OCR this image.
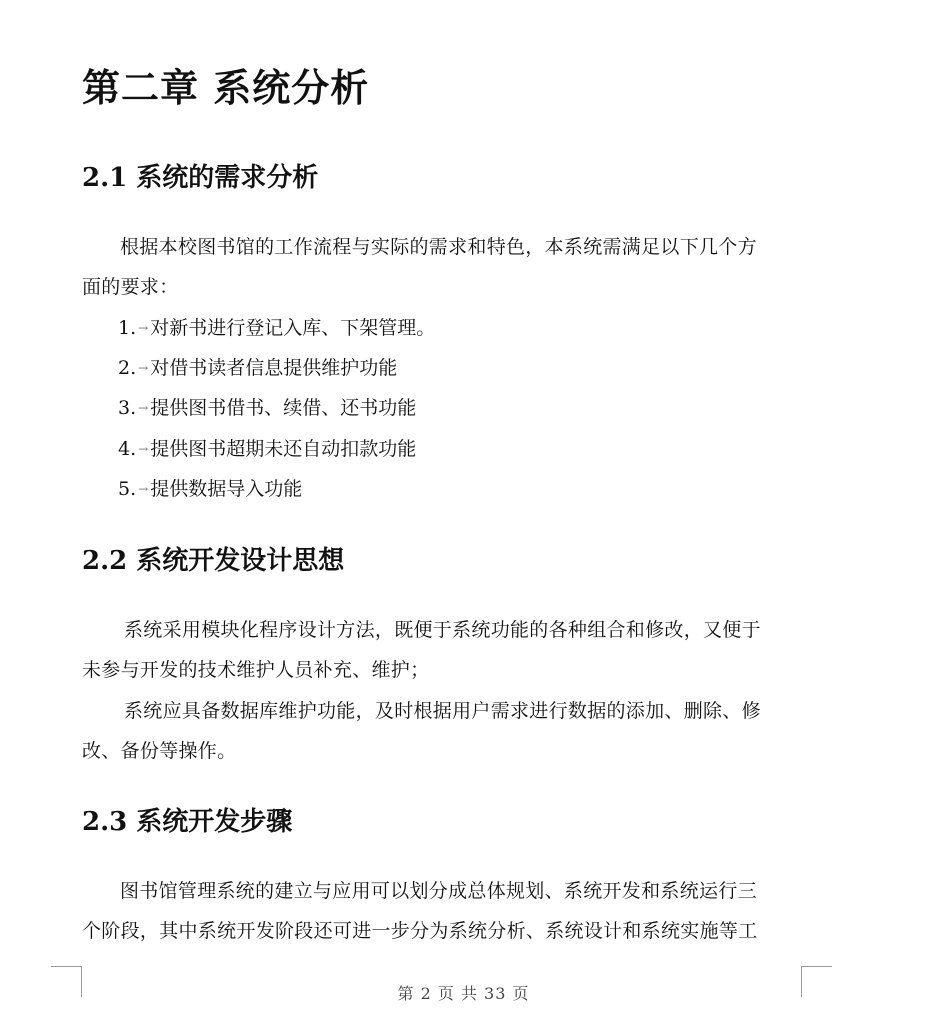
第二章 系统分析
2.1 系统的需求分析
根据本校图书馆的工作流程与实际的需求和特色，本系统需满足以下几个方
面的要求：
1. → 对新书进行登记入库、下架管理。
2. → 对借书读者信息提供维护功能
3. → 提供图书借书、续借、还书功能
4. → 提供图书超期未还自动扣款功能
5. → 提供数据导入功能
2.2 系统开发设计思想
系统采用模块化程序设计方法，既便于系统功能的各种组合和修改，又便于
未参与开发的技术维护人员补充、维护；
系统应具备数据库维护功能，及时根据用户需求进行数据的添加、删除、修
改、备份等操作。
2.3 系统开发步骤
图书馆管理系统的建立与应用可以划分成总体规划、系统开发和系统运行三
个阶段，其中系统开发阶段还可进一步分为系统分析、系统设计和系统实施等工
第 2 页 共 33 页
